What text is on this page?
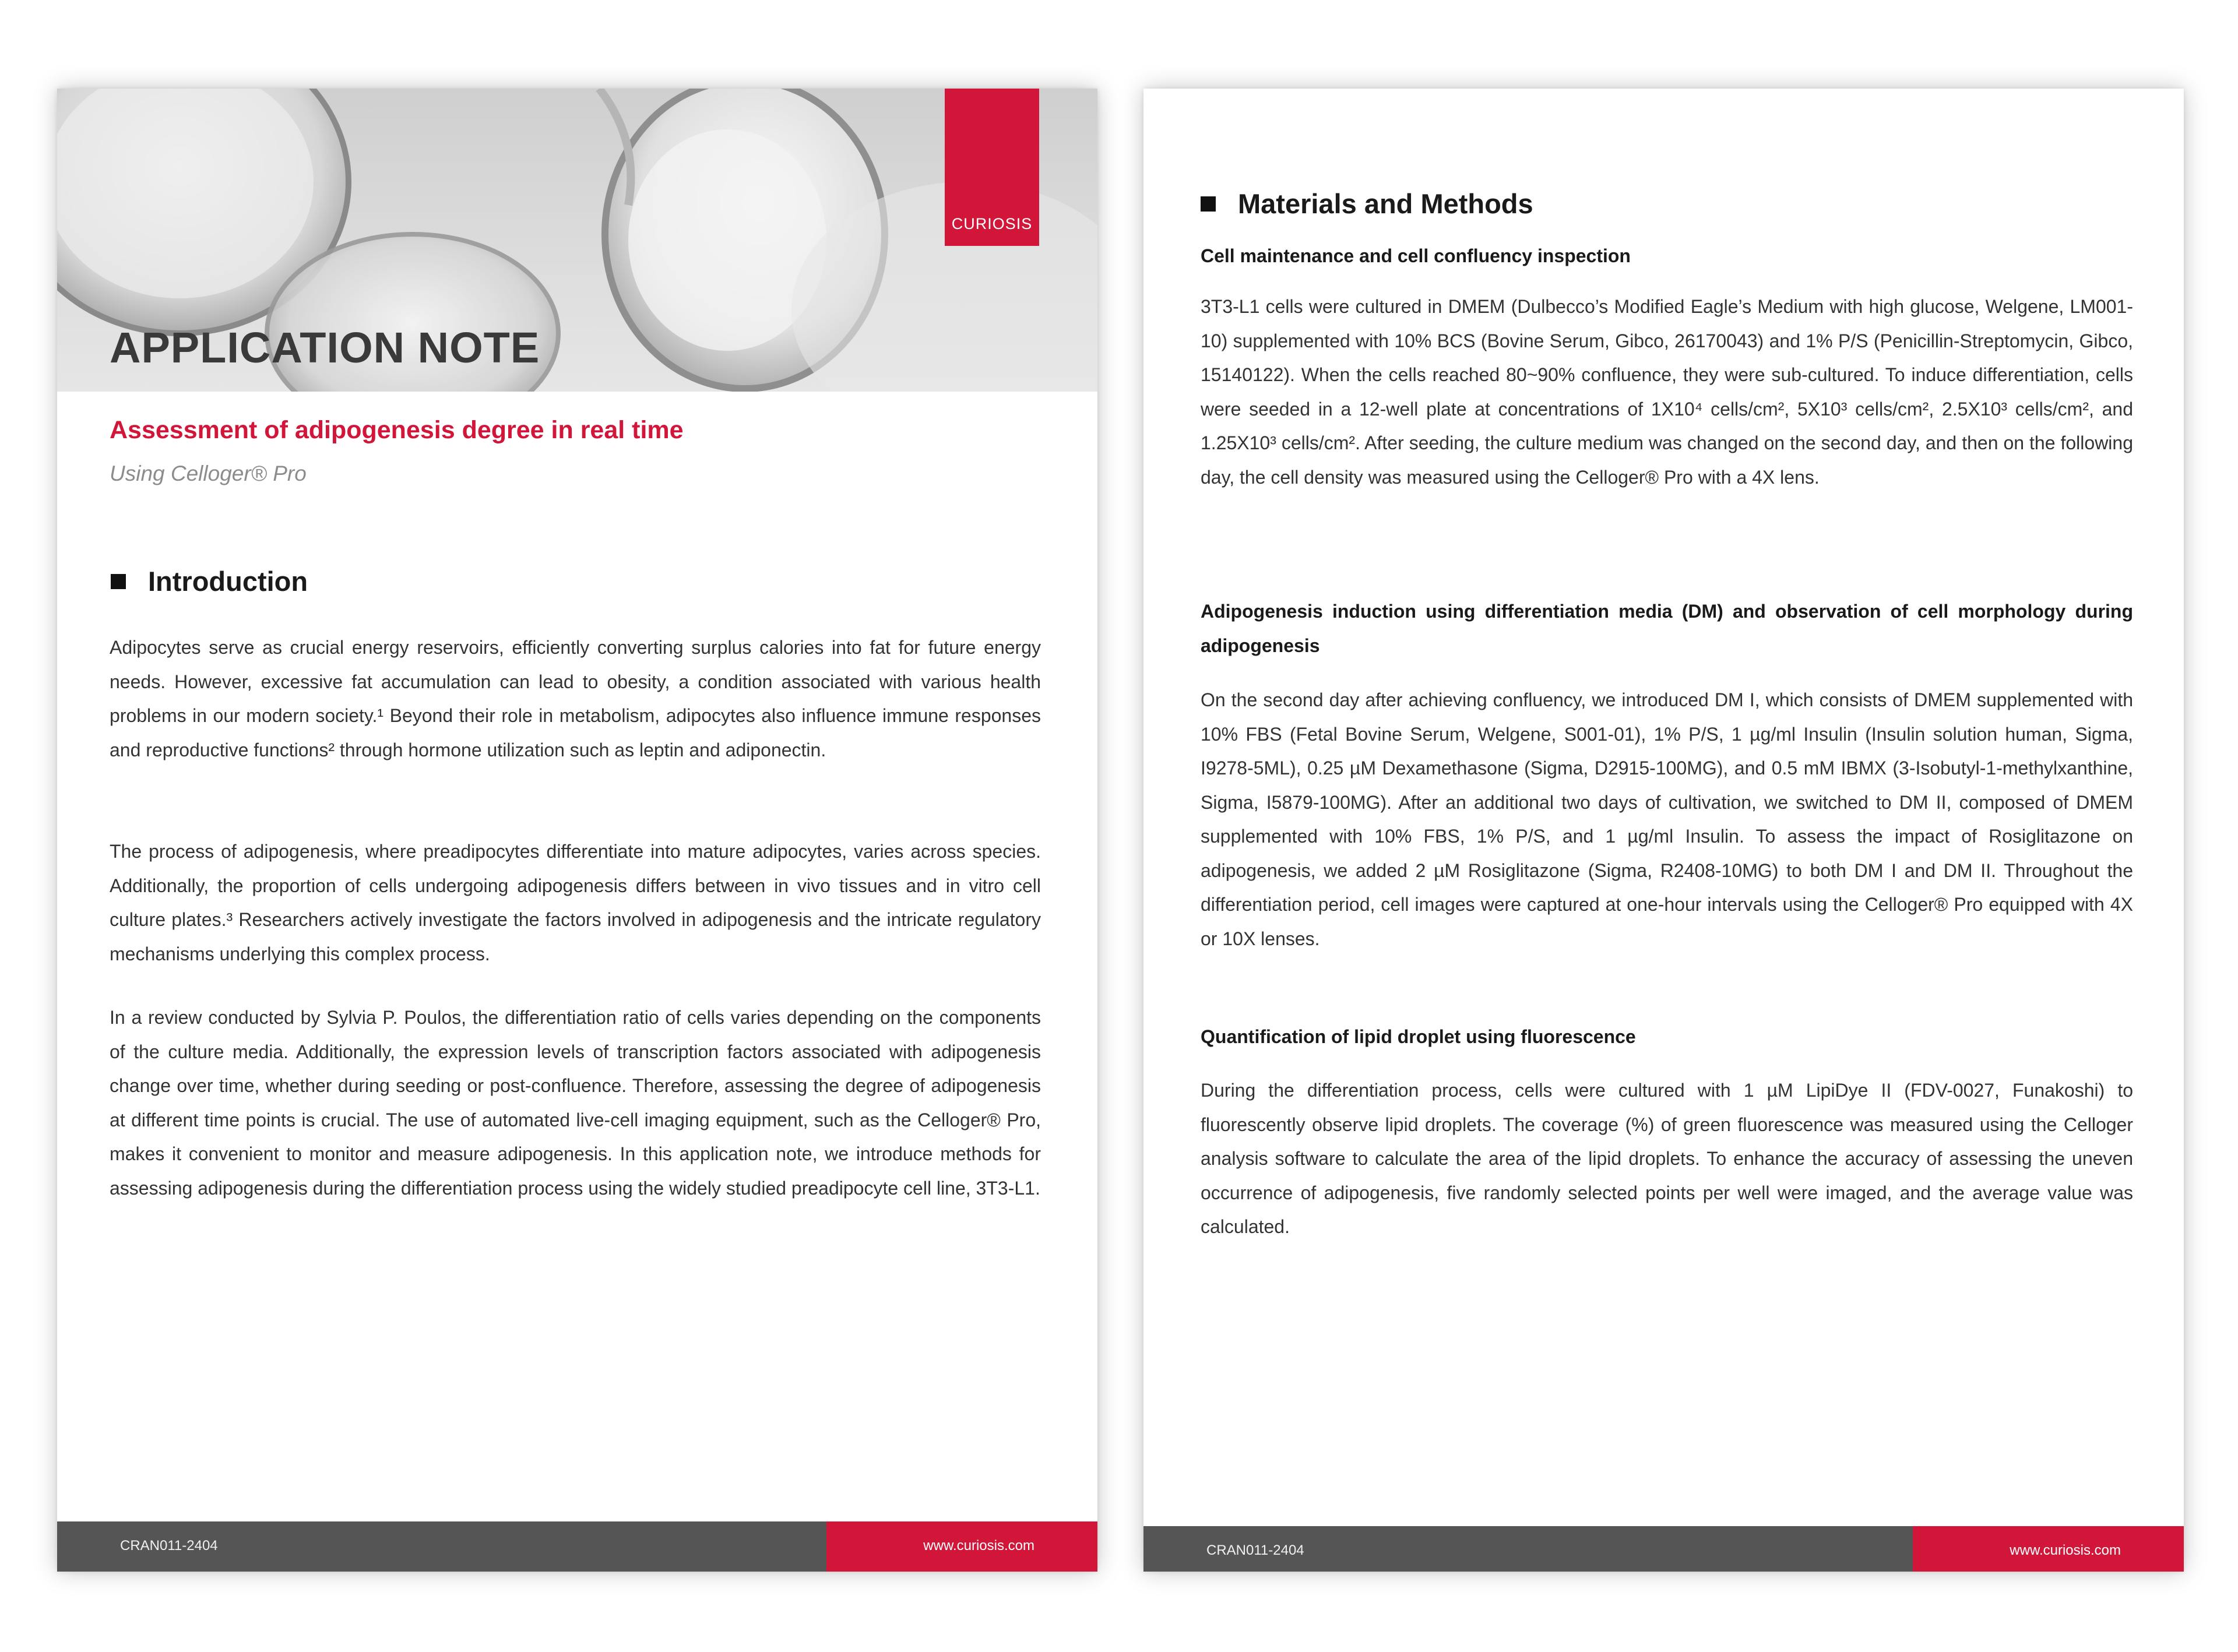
CURIOSIS
APPLICATION NOTE
Assessment of adipogenesis degree in real time
Using Celloger® Pro
Introduction
Adipocytes serve as crucial energy reservoirs, efficiently converting surplus calories into fat for future energy needs. However, excessive fat accumulation can lead to obesity, a condition associated with various health problems in our modern society.¹ Beyond their role in metabolism, adipocytes also influence immune responses and reproductive functions² through hormone utilization such as leptin and adiponectin.
The process of adipogenesis, where preadipocytes differentiate into mature adipocytes, varies across species. Additionally, the proportion of cells undergoing adipogenesis differs between in vivo tissues and in vitro cell culture plates.³ Researchers actively investigate the factors involved in adipogenesis and the intricate regulatory mechanisms underlying this complex process.
In a review conducted by Sylvia P. Poulos, the differentiation ratio of cells varies depending on the components of the culture media. Additionally, the expression levels of transcription factors associated with adipogenesis change over time, whether during seeding or post-confluence. Therefore, assessing the degree of adipogenesis at different time points is crucial. The use of automated live-cell imaging equipment, such as the Celloger® Pro, makes it convenient to monitor and measure adipogenesis. In this application note, we introduce methods for assessing adipogenesis during the differentiation process using the widely studied preadipocyte cell line, 3T3-L1.
CRAN011-2404	www.curiosis.com
Materials and Methods
Cell maintenance and cell confluency inspection
3T3-L1 cells were cultured in DMEM (Dulbecco’s Modified Eagle’s Medium with high glucose, Welgene, LM001-10) supplemented with 10% BCS (Bovine Serum, Gibco, 26170043) and 1% P/S (Penicillin-Streptomycin, Gibco, 15140122). When the cells reached 80~90% confluence, they were sub-cultured. To induce differentiation, cells were seeded in a 12-well plate at concentrations of 1X10⁴ cells/cm², 5X10³ cells/cm², 2.5X10³ cells/cm², and 1.25X10³ cells/cm². After seeding, the culture medium was changed on the second day, and then on the following day, the cell density was measured using the Celloger® Pro with a 4X lens.
Adipogenesis induction using differentiation media (DM) and observation of cell morphology during adipogenesis
On the second day after achieving confluency, we introduced DM I, which consists of DMEM supplemented with 10% FBS (Fetal Bovine Serum, Welgene, S001-01), 1% P/S, 1 µg/ml Insulin (Insulin solution human, Sigma, I9278-5ML), 0.25 µM Dexamethasone (Sigma, D2915-100MG), and 0.5 mM IBMX (3-Isobutyl-1-methylxanthine, Sigma, I5879-100MG). After an additional two days of cultivation, we switched to DM II, composed of DMEM supplemented with 10% FBS, 1% P/S, and 1 µg/ml Insulin. To assess the impact of Rosiglitazone on adipogenesis, we added 2 µM Rosiglitazone (Sigma, R2408-10MG) to both DM I and DM II. Throughout the differentiation period, cell images were captured at one-hour intervals using the Celloger® Pro equipped with 4X or 10X lenses.
Quantification of lipid droplet using fluorescence
During the differentiation process, cells were cultured with 1 µM LipiDye II (FDV-0027, Funakoshi) to fluorescently observe lipid droplets. The coverage (%) of green fluorescence was measured using the Celloger analysis software to calculate the area of the lipid droplets. To enhance the accuracy of assessing the uneven occurrence of adipogenesis, five randomly selected points per well were imaged, and the average value was calculated.
CRAN011-2404	www.curiosis.com
